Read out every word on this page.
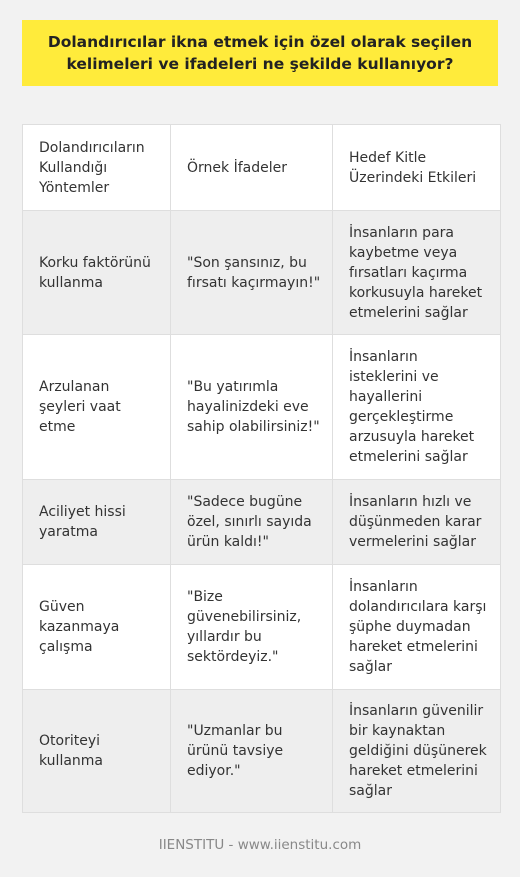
Dolandırıcılar ikna etmek için özel olarak seçilen kelimeleri ve ifadeleri ne şekilde kullanıyor?
Dolandırıcıların Kullandığı Yöntemler	Örnek İfadeler	Hedef Kitle Üzerindeki Etkileri
Korku faktörünü kullanma	"Son şansınız, bu fırsatı kaçırmayın!"	İnsanların para kaybetme veya fırsatları kaçırma korkusuyla hareket etmelerini sağlar
Arzulanan şeyleri vaat etme	"Bu yatırımla hayalinizdeki eve sahip olabilirsiniz!"	İnsanların isteklerini ve hayallerini gerçekleştirme arzusuyla hareket etmelerini sağlar
Aciliyet hissi yaratma	"Sadece bugüne özel, sınırlı sayıda ürün kaldı!"	İnsanların hızlı ve düşünmeden karar vermelerini sağlar
Güven kazanmaya çalışma	"Bize güvenebilirsiniz, yıllardır bu sektördeyiz."	İnsanların dolandırıcılara karşı şüphe duymadan hareket etmelerini sağlar
Otoriteyi kullanma	"Uzmanlar bu ürünü tavsiye ediyor."	İnsanların güvenilir bir kaynaktan geldiğini düşünerek hareket etmelerini sağlar
IIENSTITU - www.iienstitu.com
